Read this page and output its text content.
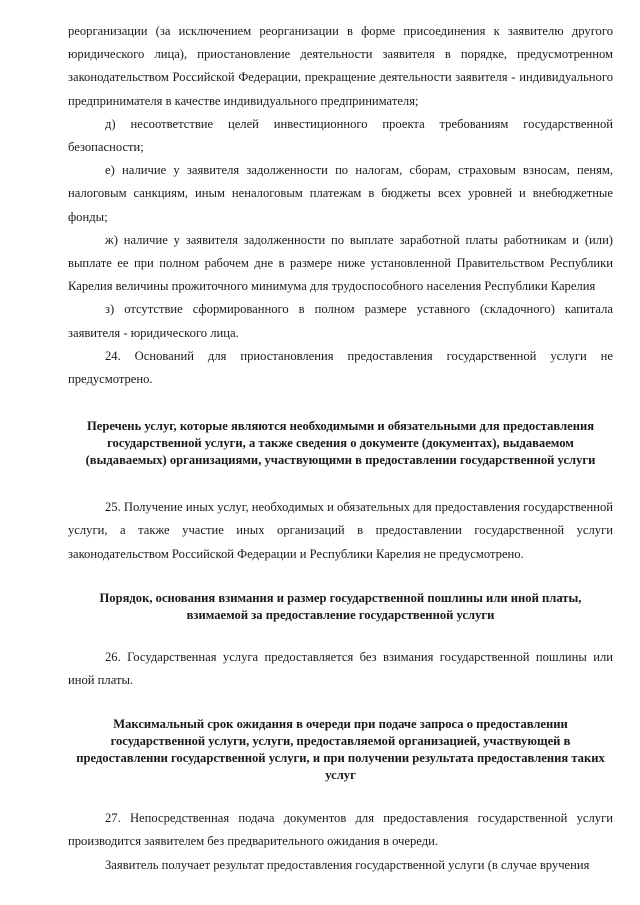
реорганизации (за исключением реорганизации в форме присоединения к заявителю другого юридического лица), приостановление деятельности заявителя в порядке, предусмотренном законодательством Российской Федерации, прекращение деятельности заявителя - индивидуального предпринимателя в качестве индивидуального предпринимателя;

д) несоответствие целей инвестиционного проекта требованиям государственной безопасности;

е) наличие у заявителя задолженности по налогам, сборам, страховым взносам, пеням, налоговым санкциям, иным неналоговым платежам в бюджеты всех уровней и внебюджетные фонды;

ж) наличие у заявителя задолженности по выплате заработной платы работникам и (или) выплате ее при полном рабочем дне в размере ниже установленной Правительством Республики Карелия величины прожиточного минимума для трудоспособного населения Республики Карелия

з) отсутствие сформированного в полном размере уставного (складочного) капитала заявителя - юридического лица.

24. Оснований для приостановления предоставления государственной услуги не предусмотрено.

Перечень услуг, которые являются необходимыми и обязательными для предоставления государственной услуги, а также сведения о документе (документах), выдаваемом (выдаваемых) организациями, участвующими в предоставлении государственной услуги

25. Получение иных услуг, необходимых и обязательных для предоставления государственной услуги, а также участие иных организаций в предоставлении государственной услуги законодательством Российской Федерации и Республики Карелия не предусмотрено.

Порядок, основания взимания и размер государственной пошлины или иной платы, взимаемой за предоставление государственной услуги

26. Государственная услуга предоставляется без взимания государственной пошлины или иной платы.

Максимальный срок ожидания в очереди при подаче запроса о предоставлении государственной услуги, услуги, предоставляемой организацией, участвующей в предоставлении государственной услуги, и при получении результата предоставления таких услуг

27. Непосредственная подача документов для предоставления государственной услуги производится заявителем без предварительного ожидания в очереди.

Заявитель получает результат предоставления государственной услуги (в случае вручения
